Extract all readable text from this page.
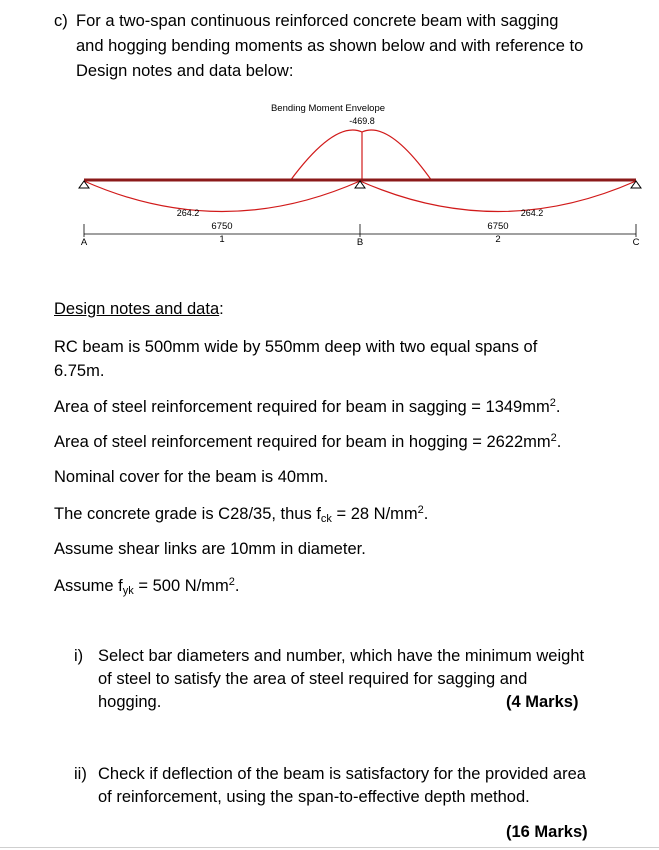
c) For a two-span continuous reinforced concrete beam with sagging
and hogging bending moments as shown below and with reference to
Design notes and data below:
Bending Moment Envelope
-469.8
264.2	264.2
6750	6750
1	2
A	B	C
Design notes and data:
RC beam is 500mm wide by 550mm deep with two equal spans of
6.75m.
Area of steel reinforcement required for beam in sagging = $1349mm^2$.
Area of steel reinforcement required for beam in hogging = $2622mm^2$.
Nominal cover for the beam is 40mm.
The concrete grade is C28/35, thus $f_{ck} = 28$ $N/mm^2$.
Assume shear links are 10mm in diameter.
Assume $f_{yk} = 500$ $N/mm^2$.
i) Select bar diameters and number, which have the minimum weight
of steel to satisfy the area of steel required for sagging and
hogging.	(4 Marks)
ii) Check if deflection of the beam is satisfactory for the provided area
of reinforcement, using the span-to-effective depth method.
(16 Marks)
